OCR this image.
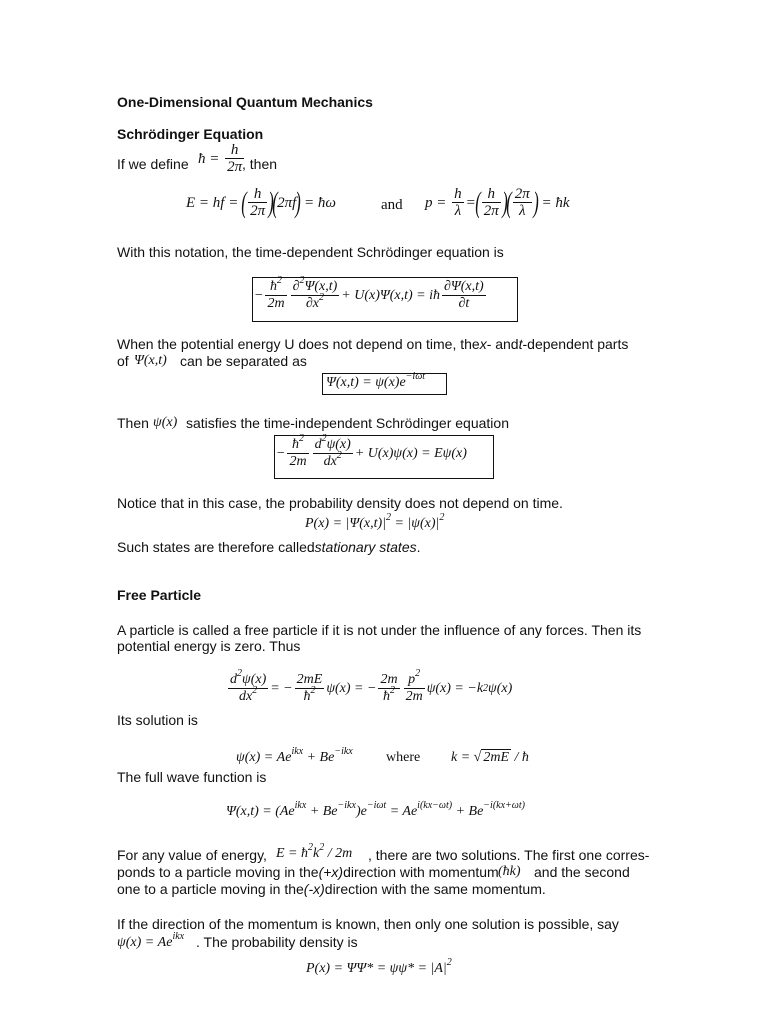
One-Dimensional Quantum Mechanics
Schrödinger Equation
If we define ħ = $\frac{h}{2\pi}$
, then
E = hf = ( $\frac{h}{2\pi}$ )
( 2πf ) = ħω	and $p = \frac{h}{\lambda}$ = ( $\frac{h}{2\pi}$ )
( $\frac{2\pi}{\lambda}$ ) = ħk
With this notation, the time-dependent Schrödinger equation is
− $\frac{ħ^2}{2m} \frac{\partial^2\Psi(x,t)}{\partial x^2} + U(x)\Psi(x,t)$ = iħ $\frac{\partial\Psi(x,t)}{\partial t}$
When the potential energy U does not depend on time, the x - and t -dependent parts
of Ψ(x,t) can be separated as
$\Psi(x,t) = \psi(x)e^{-i\omega t}$
Then ψ(x) satisfies the time-independent Schrödinger equation
− $\frac{ħ^2}{2m} \frac{d^2\psi(x)}{dx^2} + U(x)\psi(x) = E\psi(x)$
Notice that in this case, the probability density does not depend on time.
$P(x) = |\Psi(x,t)|^2 = |\psi(x)|^2$
Such states are therefore called stationary states .
Free Particle
A particle is called a free particle if it is not under the influence of any forces. Then its
potential energy is zero. Thus
$\frac{d^2\psi(x)}{dx^2}$ = − $\frac{2mE}{ħ^2} \psi(x)$ = − $\frac{2m}{ħ^2} \frac{p^2}{2m} \psi(x) = -k$ 2 ψ(x)
Its solution is
$\psi(x) = Ae^{ikx} + Be^{-ikx}$ where k = √ 2mE / ħ
The full wave function is
$\Psi(x,t) = (Ae^{ikx} + Be^{-ikx})e^{-i\omega t} = Ae^{i(kx-\omega t)} + Be^{-i(kx+\omega t)}$
For any value of energy, $E = ħ^2k^2 / 2m$ , there are two solutions. The first one corres-
ponds to a particle moving in the (+x) direction with momentum (ħk) and the second
one to a particle moving in the (-x) direction with the same momentum.
If the direction of the momentum is known, then only one solution is possible, say
$\psi(x) = Ae^{ikx}$ . The probability density is
$P(x) = \Psi\Psi* = \psi\psi* = |A|^2$
